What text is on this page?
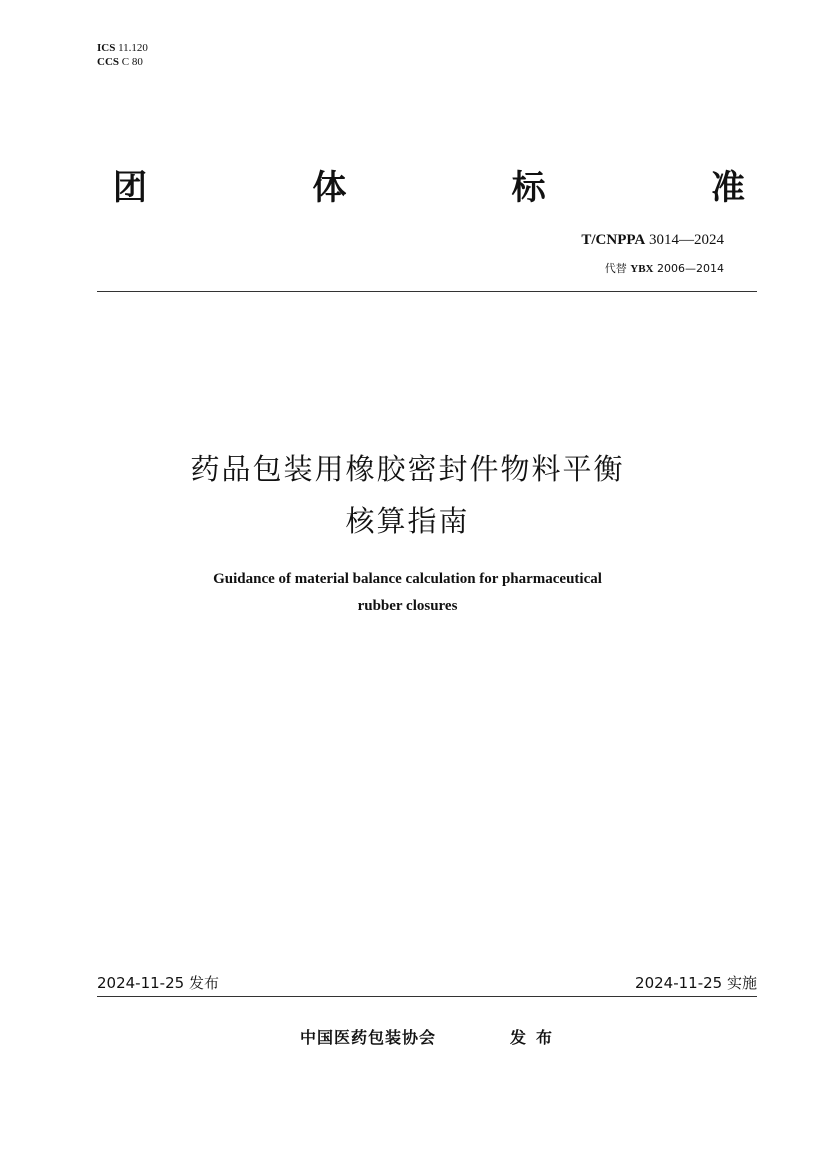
ICS 11.120
CCS C 80
团	体	标	准
T/CNPPA 3014—2024
代替 YBX 2006—2014
药品包装用橡胶密封件物料平衡
核算指南
Guidance of material balance calculation for pharmaceutical
rubber closures
2024-11-25 发布	2024-11-25 实施
中国医药包装协会	发布
